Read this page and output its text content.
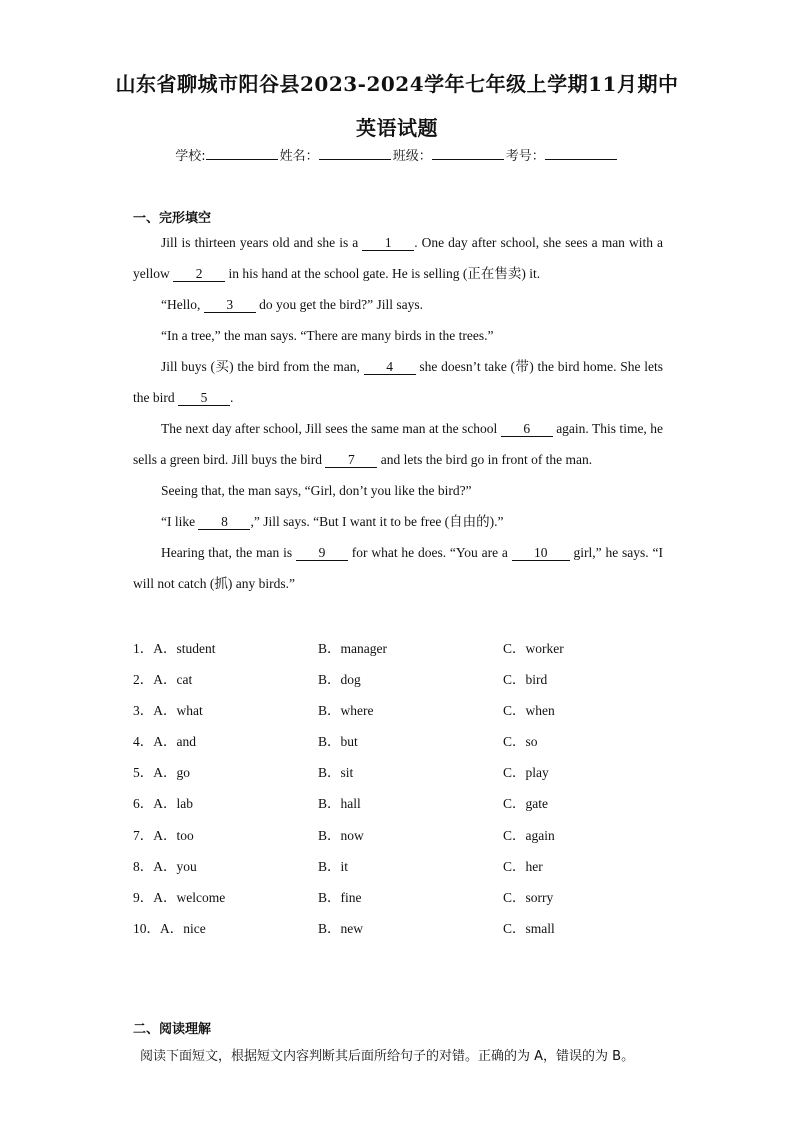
山东省聊城市阳谷县2023-2024学年七年级上学期11月期中
英语试题
学校:	姓名：	班级：	考号：
一、完形填空

Jill is thirteen years old and she is a 1 . One day after school, she sees a man with a yellow 2 in his hand at the school gate. He is selling (正在售卖) it.

“Hello, 3 do you get the bird?” Jill says.

“In a tree,” the man says. “There are many birds in the trees.”

Jill buys (买) the bird from the man, 4 she doesn’t take (带) the bird home. She lets the bird 5 .

The next day after school, Jill sees the same man at the school 6 again. This time, he sells a green bird. Jill buys the bird 7 and lets the bird go in front of the man.

Seeing that, the man says, “Girl, don’t you like the bird?”

“I like 8 ,” Jill says. “But I want it to be free (自由的).”

Hearing that, the man is 9 for what he does. “You are a 10 girl,” he says. “I will not catch (抓) any birds.”

1．A．student	B．manager	C．worker
2．A．cat	B．dog	C．bird
3．A．what	B．where	C．when
4．A．and	B．but	C．so
5．A．go	B．sit	C．play
6．A．lab	B．hall	C．gate
7．A．too	B．now	C．again
8．A．you	B．it	C．her
9．A．welcome	B．fine	C．sorry
10．A．nice	B．new	C．small
二、阅读理解
阅读下面短文，根据短文内容判断其后面所给句子的对错。正确的为 A，错误的为 B。
